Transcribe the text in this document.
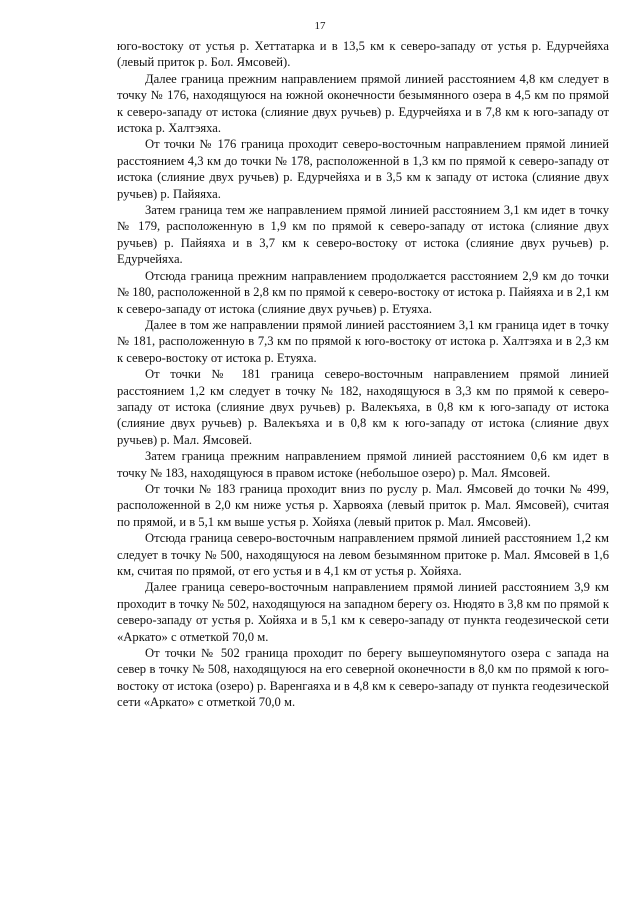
17

юго-востоку от устья р. Хеттатарка и в 13,5 км к северо-западу от устья р. Едурчейяха (левый приток р. Бол. Ямсовей).

Далее граница прежним направлением прямой линией расстоянием 4,8 км следует в точку № 176, находящуюся на южной оконечности безымянного озера в 4,5 км по прямой к северо-западу от истока (слияние двух ручьев) р. Едурчейяха и в 7,8 км к юго-западу от истока р. Халтэяха.

От точки № 176 граница проходит северо-восточным направлением прямой линией расстоянием 4,3 км до точки № 178, расположенной в 1,3 км по прямой к северо-западу от истока (слияние двух ручьев) р. Едурчейяха и в 3,5 км к западу от истока (слияние двух ручьев) р. Пайяяха.

Затем граница тем же направлением прямой линией расстоянием 3,1 км идет в точку № 179, расположенную в 1,9 км по прямой к северо-западу от истока (слияние двух ручьев) р. Пайяяха и в 3,7 км к северо-востоку от истока (слияние двух ручьев) р. Едурчейяха.

Отсюда граница прежним направлением продолжается расстоянием 2,9 км до точки № 180, расположенной в 2,8 км по прямой к северо-востоку от истока р. Пайяяха и в 2,1 км к северо-западу от истока (слияние двух ручьев) р. Етуяха.

Далее в том же направлении прямой линией расстоянием 3,1 км граница идет в точку № 181, расположенную в 7,3 км по прямой к юго-востоку от истока р. Халтэяха и в 2,3 км к северо-востоку от истока р. Етуяха.

От точки № 181 граница северо-восточным направлением прямой линией расстоянием 1,2 км следует в точку № 182, находящуюся в 3,3 км по прямой к северо-западу от истока (слияние двух ручьев) р. Валекъяха, в 0,8 км к юго-западу от истока (слияние двух ручьев) р. Валекъяха и в 0,8 км к юго-западу от истока (слияние двух ручьев) р. Мал. Ямсовей.

Затем граница прежним направлением прямой линией расстоянием 0,6 км идет в точку № 183, находящуюся в правом истоке (небольшое озеро) р. Мал. Ямсовей.

От точки № 183 граница проходит вниз по руслу р. Мал. Ямсовей до точки № 499, расположенной в 2,0 км ниже устья р. Харвояха (левый приток р. Мал. Ямсовей), считая по прямой, и в 5,1 км выше устья р. Хойяха (левый приток р. Мал. Ямсовей).

Отсюда граница северо-восточным направлением прямой линией расстоянием 1,2 км следует в точку № 500, находящуюся на левом безымянном притоке р. Мал. Ямсовей в 1,6 км, считая по прямой, от его устья и в 4,1 км от устья р. Хойяха.

Далее граница северо-восточным направлением прямой линией расстоянием 3,9 км проходит в точку № 502, находящуюся на западном берегу оз. Нюдято в 3,8 км по прямой к северо-западу от устья р. Хойяха и в 5,1 км к северо-западу от пункта геодезической сети «Аркато» с отметкой 70,0 м.

От точки № 502 граница проходит по берегу вышеупомянутого озера с запада на север в точку № 508, находящуюся на его северной оконечности в 8,0 км по прямой к юго-востоку от истока (озеро) р. Варенгаяха и в 4,8 км к северо-западу от пункта геодезической сети «Аркато» с отметкой 70,0 м.
